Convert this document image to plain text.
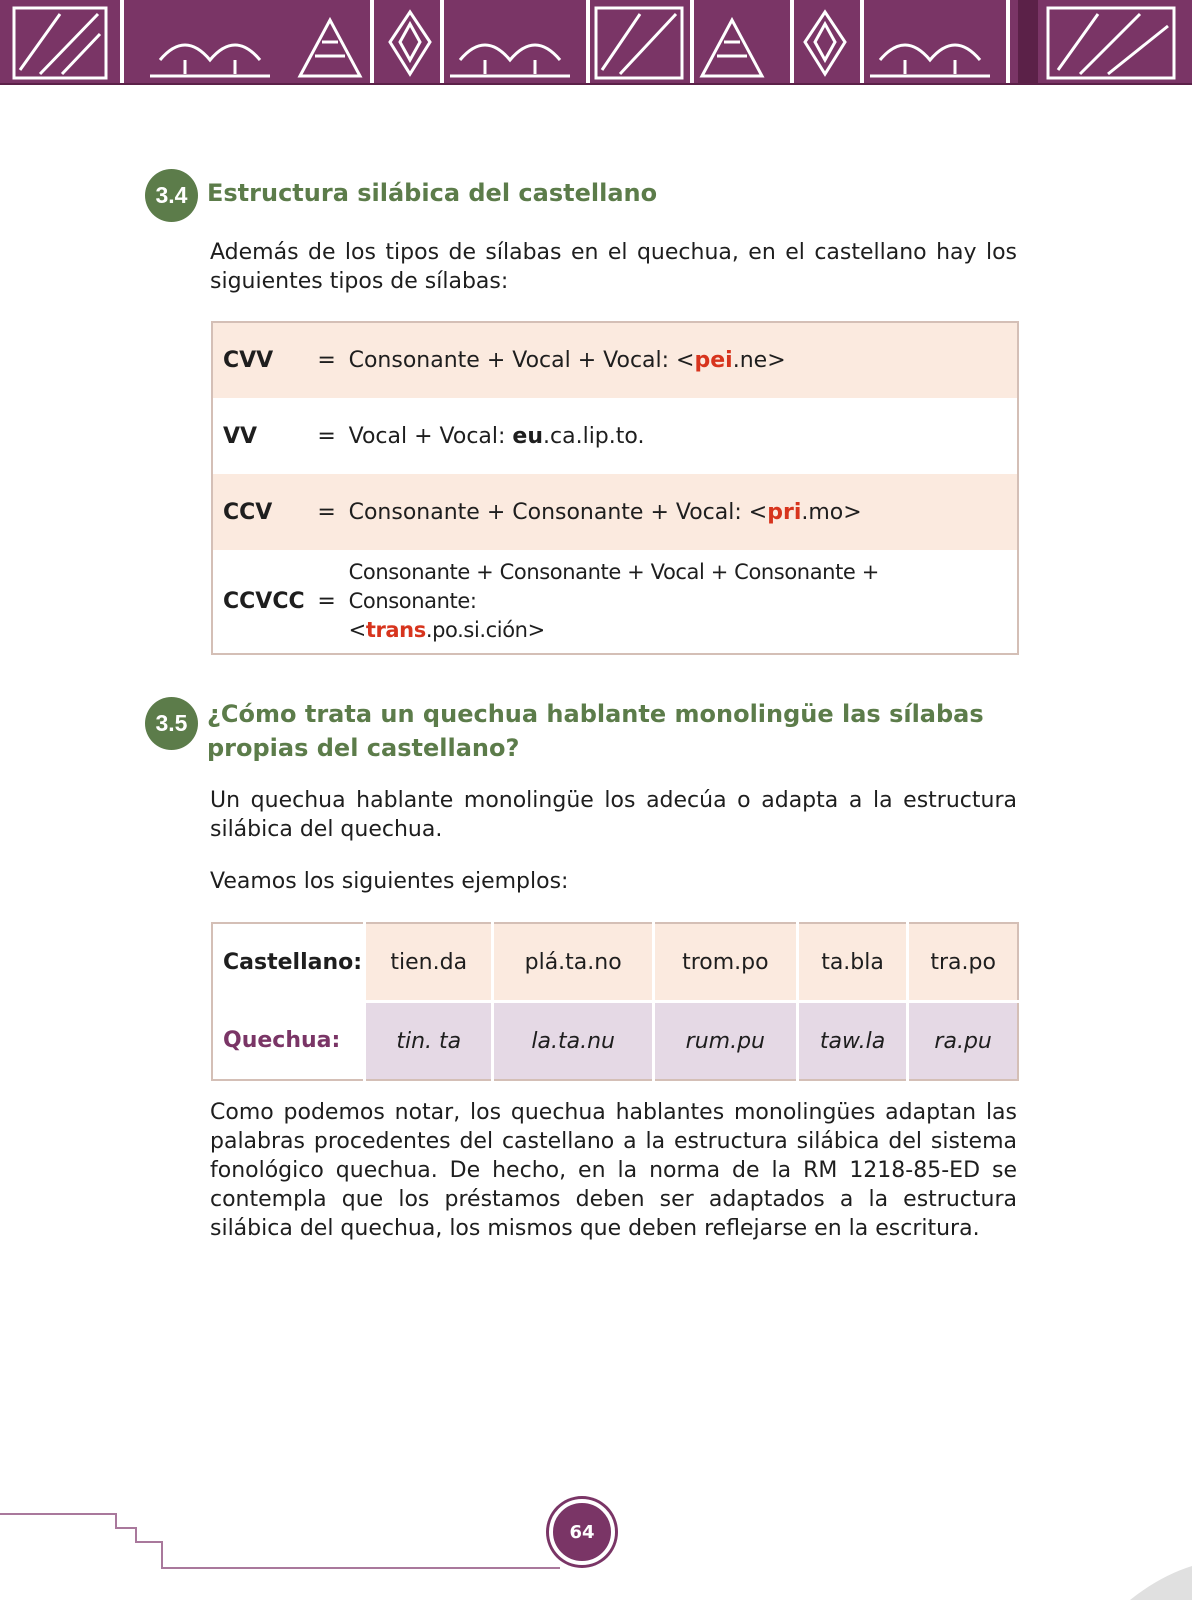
3.4 Estructura silábica del castellano
Además de los tipos de sílabas en el quechua, en el castellano hay los siguientes tipos de sílabas:
CVV	=	Consonante + Vocal + Vocal: <pei.ne>
VV	=	Vocal + Vocal: eu.ca.lip.to.
CCV	=	Consonante + Consonante + Vocal: <pri.mo>
CCVCC	=	Consonante + Consonante + Vocal + Consonante + Consonante:
<trans.po.si.ción>
3.5 ¿Cómo trata un quechua hablante monolingüe las sílabas propias del castellano?
Un quechua hablante monolingüe los adecúa o adapta a la estructura silábica del quechua.
Veamos los siguientes ejemplos:
Castellano:	tien.da	plá.ta.no	trom.po	ta.bla	tra.po
Quechua:	tin. ta	la.ta.nu	rum.pu	taw.la	ra.pu
Como podemos notar, los quechua hablantes monolingües adaptan las palabras procedentes del castellano a la estructura silábica del sistema fonológico quechua. De hecho, en la norma de la RM 1218-85-ED se contempla que los préstamos deben ser adaptados a la estructura silábica del quechua, los mismos que deben reflejarse en la escritura.
64
